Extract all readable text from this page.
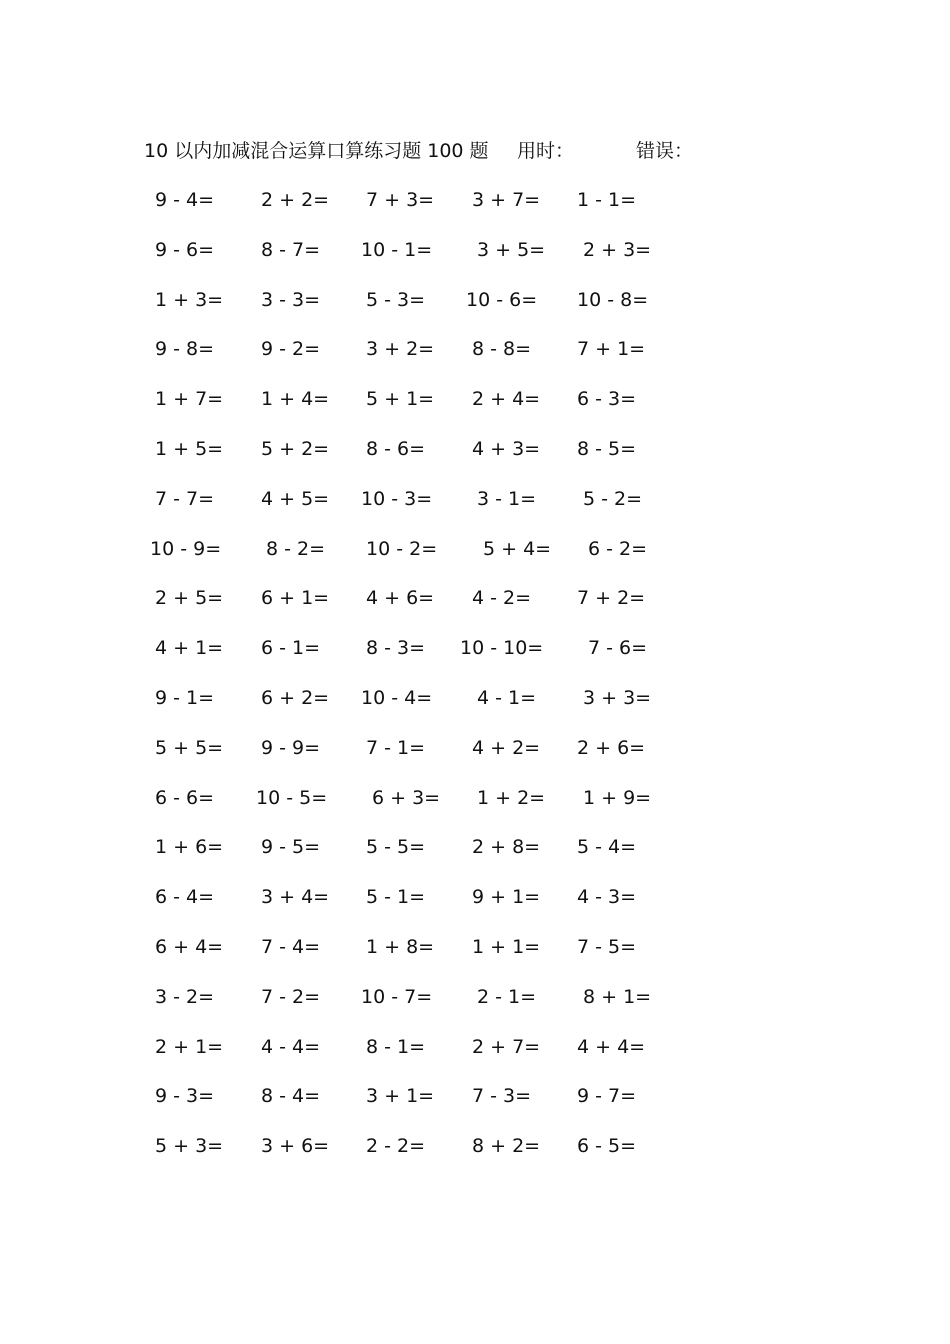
10 以内加减混合运算口算练习题 100 题 用时：	错误：
9 - 4= 2 + 2= 7 + 3= 3 + 7= 1 - 1=
9 - 6= 8 - 7= 10 - 1= 3 + 5= 2 + 3=
1 + 3= 3 - 3= 5 - 3= 10 - 6= 10 - 8=
9 - 8= 9 - 2= 3 + 2= 8 - 8= 7 + 1=
1 + 7= 1 + 4= 5 + 1= 2 + 4= 6 - 3=
1 + 5= 5 + 2= 8 - 6= 4 + 3= 8 - 5=
7 - 7= 4 + 5= 10 - 3= 3 - 1= 5 - 2=
10 - 9= 8 - 2= 10 - 2= 5 + 4= 6 - 2=
2 + 5= 6 + 1= 4 + 6= 4 - 2= 7 + 2=
4 + 1= 6 - 1= 8 - 3= 10 - 10= 7 - 6=
9 - 1= 6 + 2= 10 - 4= 4 - 1= 3 + 3=
5 + 5= 9 - 9= 7 - 1= 4 + 2= 2 + 6=
6 - 6= 10 - 5= 6 + 3= 1 + 2= 1 + 9=
1 + 6= 9 - 5= 5 - 5= 2 + 8= 5 - 4=
6 - 4= 3 + 4= 5 - 1= 9 + 1= 4 - 3=
6 + 4= 7 - 4= 1 + 8= 1 + 1= 7 - 5=
3 - 2= 7 - 2= 10 - 7= 2 - 1= 8 + 1=
2 + 1= 4 - 4= 8 - 1= 2 + 7= 4 + 4=
9 - 3= 8 - 4= 3 + 1= 7 - 3= 9 - 7=
5 + 3= 3 + 6= 2 - 2= 8 + 2= 6 - 5=
